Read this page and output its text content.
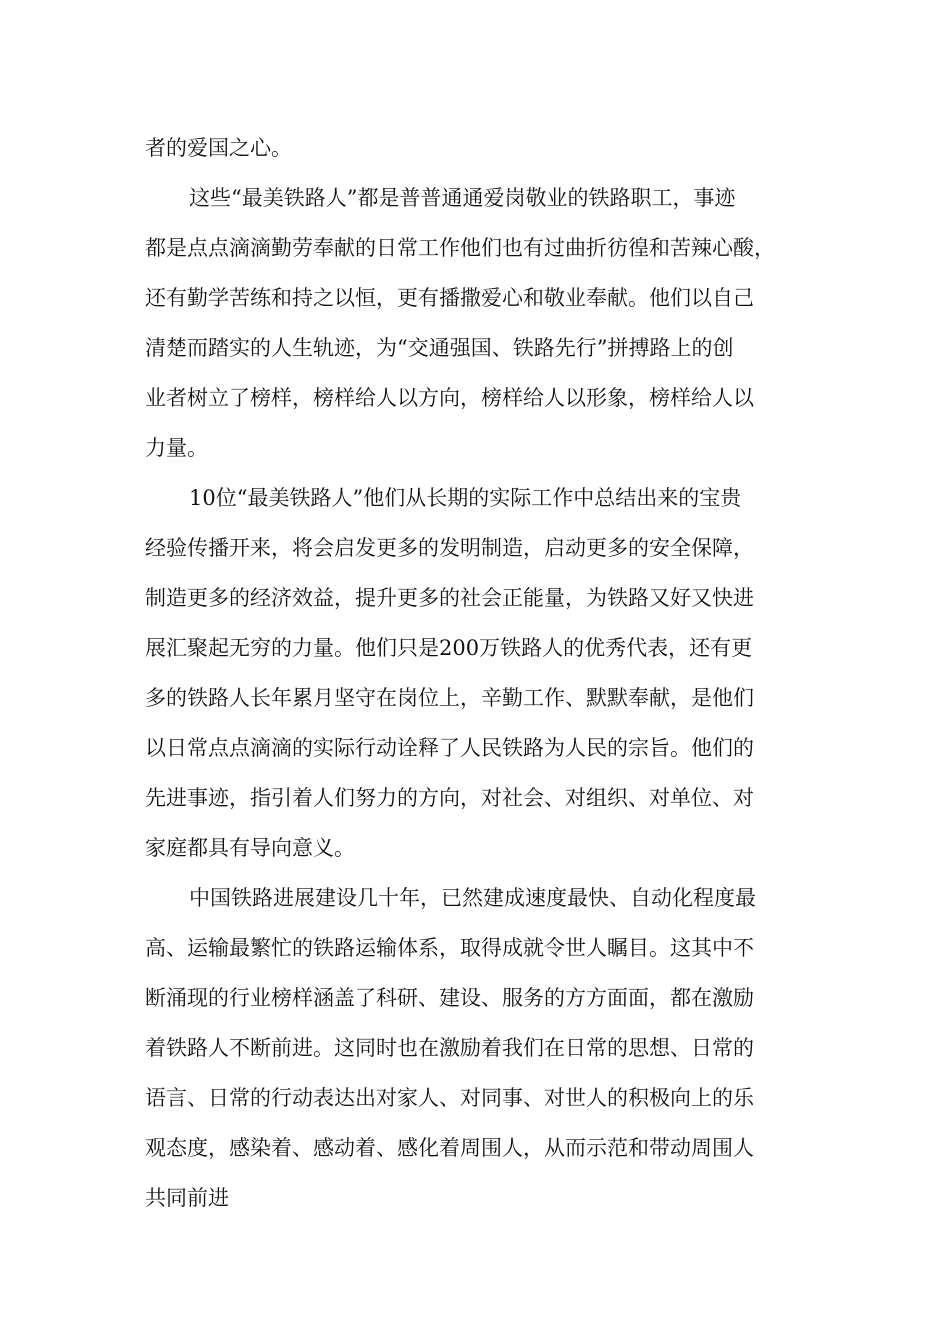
者的爱国之心。

这些“最美铁路人”都是普普通通爱岗敬业的铁路职工，事迹

都是点点滴滴勤劳奉献的日常工作他们也有过曲折彷徨和苦辣心酸，

还有勤学苦练和持之以恒，更有播撒爱心和敬业奉献。他们以自己

清楚而踏实的人生轨迹，为“交通强国、铁路先行”拼搏路上的创

业者树立了榜样，榜样给人以方向，榜样给人以形象，榜样给人以

力量。

10位“最美铁路人”他们从长期的实际工作中总结出来的宝贵

经验传播开来，将会启发更多的发明制造，启动更多的安全保障，

制造更多的经济效益，提升更多的社会正能量，为铁路又好又快进

展汇聚起无穷的力量。他们只是200万铁路人的优秀代表，还有更

多的铁路人长年累月坚守在岗位上，辛勤工作、默默奉献，是他们

以日常点点滴滴的实际行动诠释了人民铁路为人民的宗旨。他们的

先进事迹，指引着人们努力的方向，对社会、对组织、对单位、对

家庭都具有导向意义。

中国铁路进展建设几十年，已然建成速度最快、自动化程度最

高、运输最繁忙的铁路运输体系，取得成就令世人瞩目。这其中不

断涌现的行业榜样涵盖了科研、建设、服务的方方面面，都在激励

着铁路人不断前进。这同时也在激励着我们在日常的思想、日常的

语言、日常的行动表达出对家人、对同事、对世人的积极向上的乐

观态度，感染着、感动着、感化着周围人，从而示范和带动周围人

共同前进
